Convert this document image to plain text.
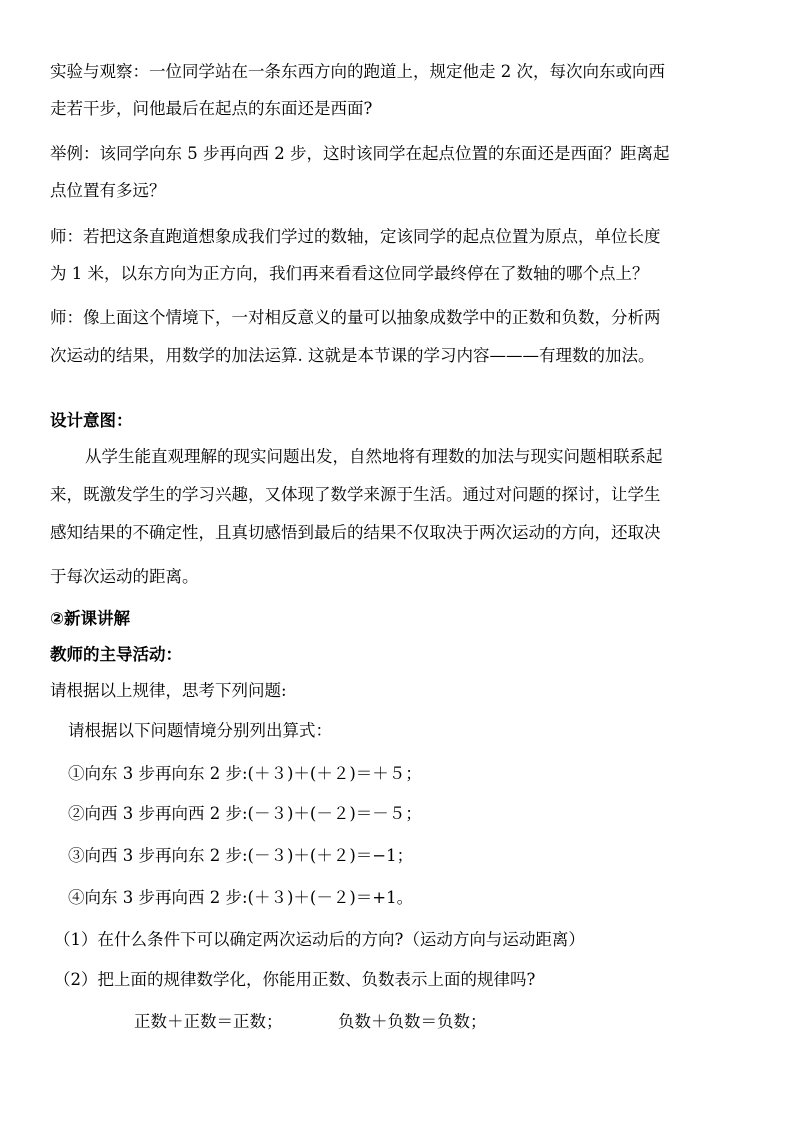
实验与观察：一位同学站在一条东西方向的跑道上，规定他走 2 次，每次向东或向西
走若干步，问他最后在起点的东面还是西面?
举例：该同学向东 5 步再向西 2 步，这时该同学在起点位置的东面还是西面？距离起
点位置有多远？
师：若把这条直跑道想象成我们学过的数轴，定该同学的起点位置为原点，单位长度
为 1 米，以东方向为正方向，我们再来看看这位同学最终停在了数轴的哪个点上？
师：像上面这个情境下，一对相反意义的量可以抽象成数学中的正数和负数，分析两
次运动的结果，用数学的加法运算. 这就是本节课的学习内容———有理数的加法。
设计意图：
从学生能直观理解的现实问题出发，自然地将有理数的加法与现实问题相联系起
来，既激发学生的学习兴趣，又体现了数学来源于生活。通过对问题的探讨，让学生
感知结果的不确定性，且真切感悟到最后的结果不仅取决于两次运动的方向，还取决
于每次运动的距离。
②新课讲解
教师的主导活动：
请根据以上规律，思考下列问题:
请根据以下问题情境分别列出算式：
①向东 3 步再向东 2 步:(＋３)＋(＋２)＝＋５；
②向西 3 步再向西 2 步:(－３)＋(－２)＝－５；
③向西 3 步再向东 2 步:(－３)＋(＋２)＝−1；
④向东 3 步再向西 2 步:(＋３)＋(－２)＝+1。
（1）在什么条件下可以确定两次运动后的方向?（运动方向与运动距离）
（2）把上面的规律数学化，你能用正数、负数表示上面的规律吗?
正数＋正数＝正数；	负数＋负数＝负数；
